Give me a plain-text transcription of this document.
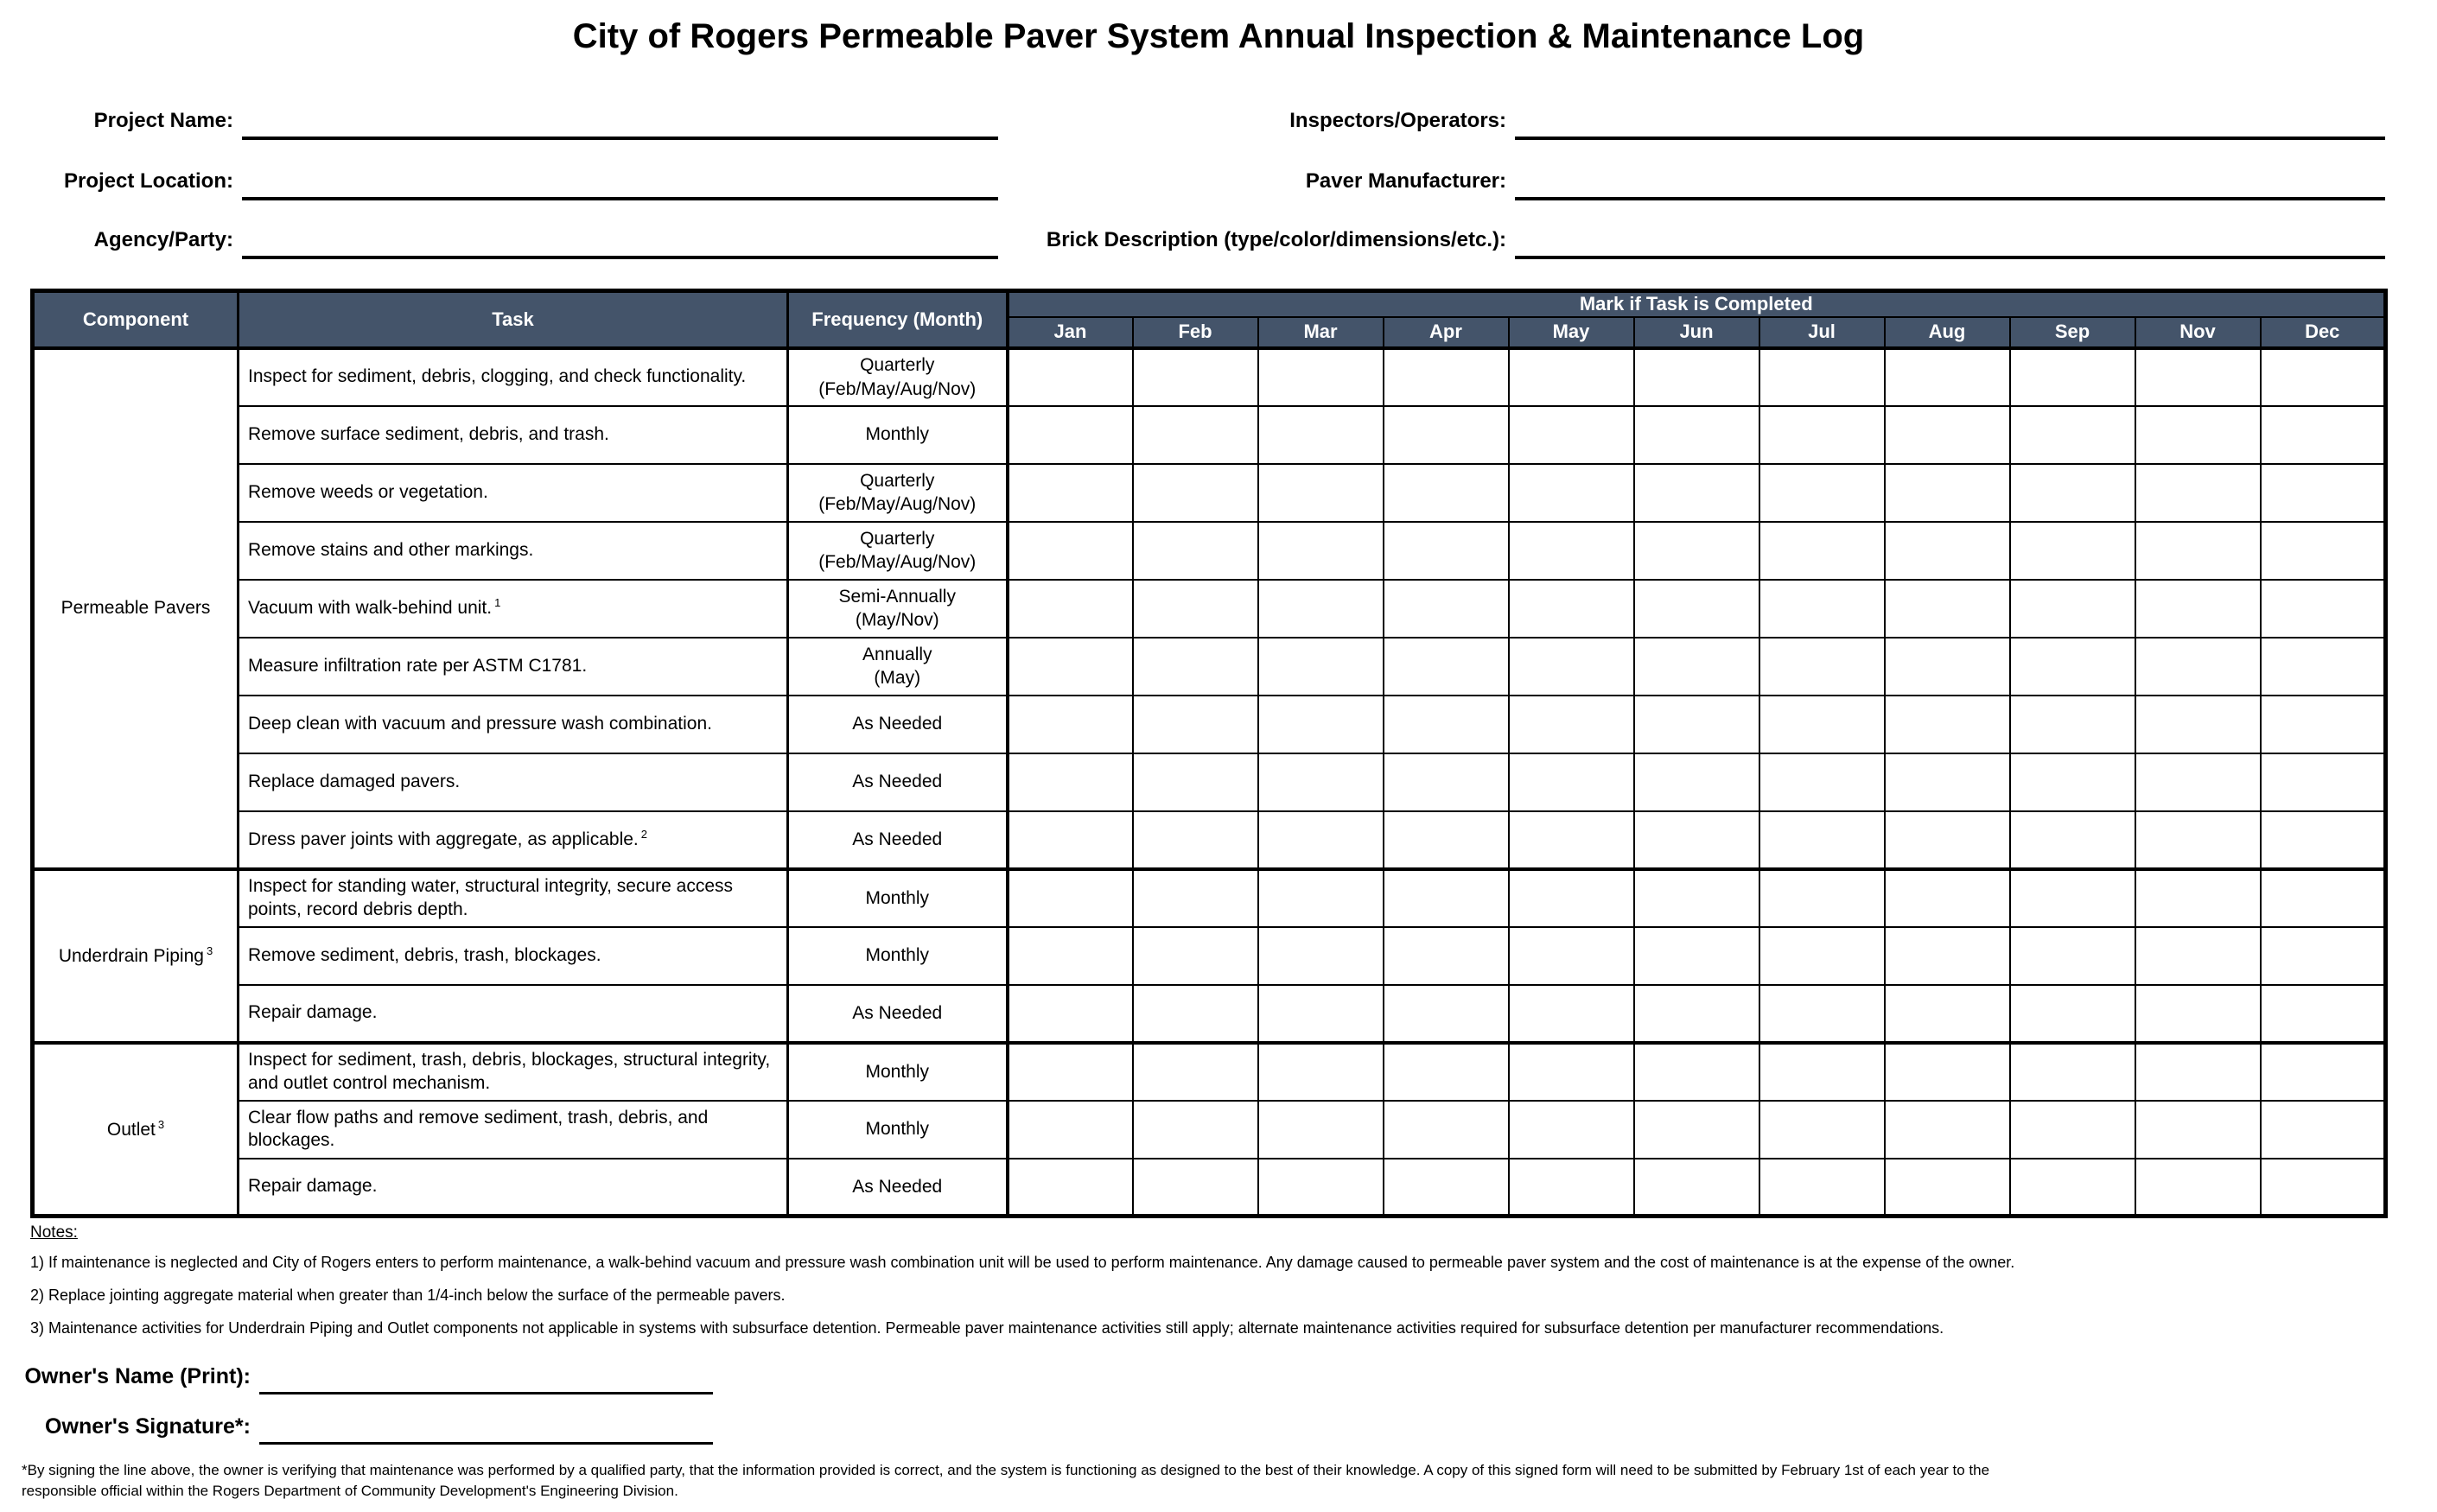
City of Rogers Permeable Paver System Annual Inspection & Maintenance Log
Project Name:	Inspectors/Operators:
Project Location:	Paver Manufacturer:
Agency/Party:	Brick Description (type/color/dimensions/etc.):
Component	Task	Frequency (Month)	Mark if Task is Completed										
			Jan	Feb	Mar	Apr	May	Jun	Jul	Aug	Sep	Nov	Dec
Permeable Pavers	Inspect for sediment, debris, clogging, and check functionality.	Quarterly
(Feb/May/Aug/Nov)											

	Remove surface sediment, debris, and trash.	Monthly											

	Remove weeds or vegetation.	Quarterly
(Feb/May/Aug/Nov)											

	Remove stains and other markings.	Quarterly
(Feb/May/Aug/Nov)											

	Vacuum with walk-behind unit. $^1$	Semi-Annually
(May/Nov)											

	Measure infiltration rate per ASTM C1781.	Annually
(May)											

	Deep clean with vacuum and pressure wash combination.	As Needed											

	Replace damaged pavers.	As Needed											

	Dress paver joints with aggregate, as applicable. $^2$	As Needed											

Underdrain Piping $^3$	Inspect for standing water, structural integrity, secure access points, record debris depth.	Monthly											

	Remove sediment, debris, trash, blockages.	Monthly											

	Repair damage.	As Needed											

Outlet $^3$	Inspect for sediment, trash, debris, blockages, structural integrity, and outlet control mechanism.	Monthly											

	Clear flow paths and remove sediment, trash, debris, and blockages.	Monthly											

	Repair damage.	As Needed											

Notes:
1) If maintenance is neglected and City of Rogers enters to perform maintenance, a walk-behind vacuum and pressure wash combination unit will be used to perform maintenance. Any damage caused to permeable paver system and the cost of maintenance is at the expense of the owner.
2) Replace jointing aggregate material when greater than 1/4-inch below the surface of the permeable pavers.
3) Maintenance activities for Underdrain Piping and Outlet components not applicable in systems with subsurface detention. Permeable paver maintenance activities still apply; alternate maintenance activities required for subsurface detention per manufacturer recommendations.
Owner's Name (Print):
Owner's Signature*:
*By signing the line above, the owner is verifying that maintenance was performed by a qualified party, that the information provided is correct, and the system is functioning as designed to the best of their knowledge. A copy of this signed form will need to be submitted by February 1st of each year to the responsible official within the Rogers Department of Community Development's Engineering Division.
